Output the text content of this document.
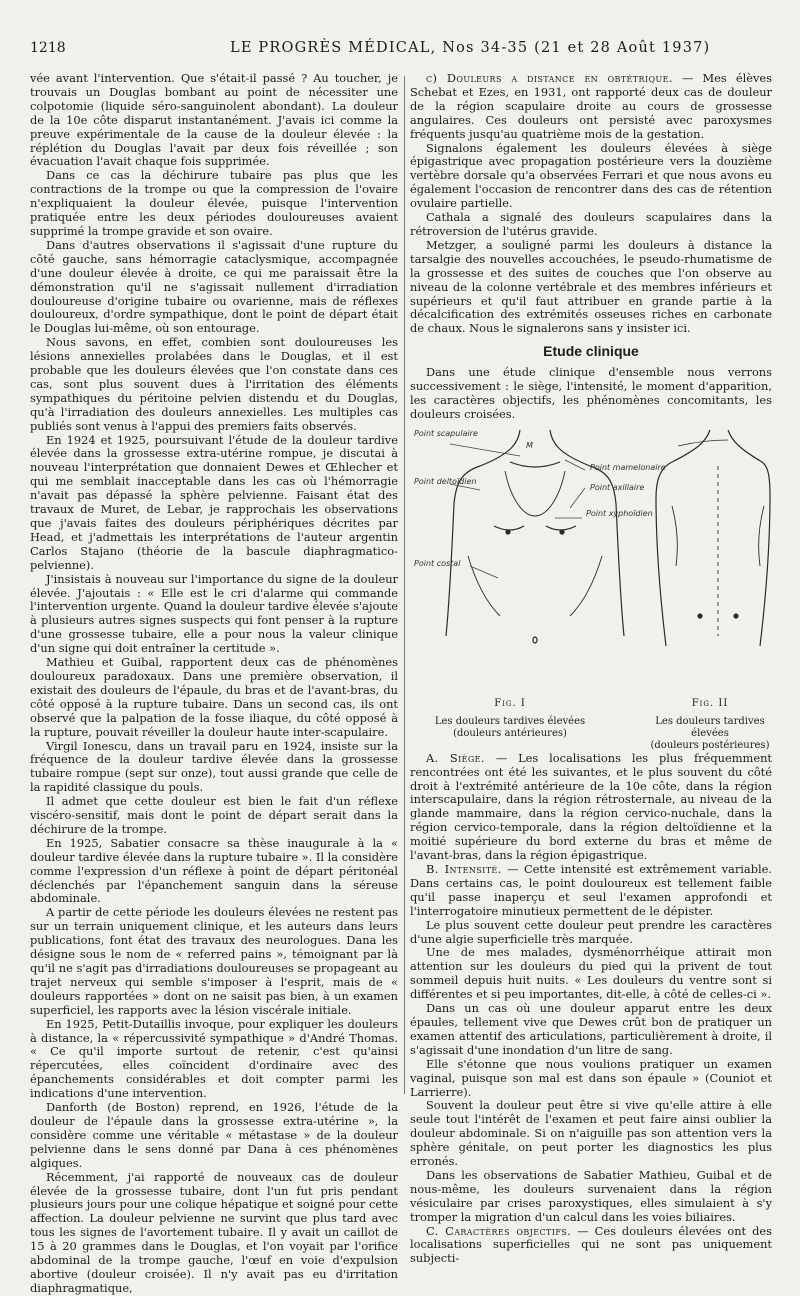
1218	LE PROGRÈS MÉDICAL, Nos 34-35 (21 et 28 Août 1937)

vée avant l'intervention. Que s'était-il passé ? Au toucher, je trouvais un Douglas bombant au point de nécessiter une colpotomie (liquide séro-sanguinolent abondant). La douleur de la 10e côte disparut instantanément. J'avais ici comme la preuve expérimentale de la cause de la douleur élevée : la réplétion du Douglas l'avait par deux fois réveillée ; son évacuation l'avait chaque fois supprimée.

Dans ce cas la déchirure tubaire pas plus que les contractions de la trompe ou que la compression de l'ovaire n'expliquaient la douleur élevée, puisque l'intervention pratiquée entre les deux périodes douloureuses avaient supprimé la trompe gravide et son ovaire.

Dans d'autres observations il s'agissait d'une rupture du côté gauche, sans hémorragie cataclysmique, accompagnée d'une douleur élevée à droite, ce qui me paraissait être la démonstration qu'il ne s'agissait nullement d'irradiation douloureuse d'origine tubaire ou ovarienne, mais de réflexes douloureux, d'ordre sympathique, dont le point de départ était le Douglas lui-même, où son entourage.

Nous savons, en effet, combien sont douloureuses les lésions annexielles prolabées dans le Douglas, et il est probable que les douleurs élevées que l'on constate dans ces cas, sont plus souvent dues à l'irritation des éléments sympathiques du péritoine pelvien distendu et du Douglas, qu'à l'irradiation des douleurs annexielles. Les multiples cas publiés sont venus à l'appui des premiers faits observés.

En 1924 et 1925, poursuivant l'étude de la douleur tardive élevée dans la grossesse extra-utérine rompue, je discutai à nouveau l'interprétation que donnaient Dewes et Œhlecher et qui me semblait inacceptable dans les cas où l'hémorragie n'avait pas dépassé la sphère pelvienne. Faisant état des travaux de Muret, de Lebar, je rapprochais les observations que j'avais faites des douleurs périphériques décrites par Head, et j'admettais les interprétations de l'auteur argentin Carlos Stajano (théorie de la bascule diaphragmatico-pelvienne).

J'insistais à nouveau sur l'importance du signe de la douleur élevée. J'ajoutais : « Elle est le cri d'alarme qui commande l'intervention urgente. Quand la douleur tardive élevée s'ajoute à plusieurs autres signes suspects qui font penser à la rupture d'une grossesse tubaire, elle a pour nous la valeur clinique d'un signe qui doit entraîner la certitude ».

Mathieu et Guibal, rapportent deux cas de phénomènes douloureux paradoxaux. Dans une première observation, il existait des douleurs de l'épaule, du bras et de l'avant-bras, du côté opposé à la rupture tubaire. Dans un second cas, ils ont observé que la palpation de la fosse iliaque, du côté opposé à la rupture, pouvait réveiller la douleur haute inter-scapulaire.

Virgil Ionescu, dans un travail paru en 1924, insiste sur la fréquence de la douleur tardive élevée dans la grossesse tubaire rompue (sept sur onze), tout aussi grande que celle de la rapidité classique du pouls.

Il admet que cette douleur est bien le fait d'un réflexe viscéro-sensitif, mais dont le point de départ serait dans la déchirure de la trompe.

En 1925, Sabatier consacre sa thèse inaugurale à la « douleur tardive élevée dans la rupture tubaire ». Il la considère comme l'expression d'un réflexe à point de départ péritonéal déclenchés par l'épanchement sanguin dans la séreuse abdominale.

A partir de cette période les douleurs élevées ne restent pas sur un terrain uniquement clinique, et les auteurs dans leurs publications, font état des travaux des neurologues. Dana les désigne sous le nom de « referred pains », témoignant par là qu'il ne s'agit pas d'irradiations douloureuses se propageant au trajet nerveux qui semble s'imposer à l'esprit, mais de « douleurs rapportées » dont on ne saisit pas bien, à un examen superficiel, les rapports avec la lésion viscérale initiale.

En 1925, Petit-Dutaillis invoque, pour expliquer les douleurs à distance, la « répercussivité sympathique » d'André Thomas. « Ce qu'il importe surtout de retenir, c'est qu'ainsi répercutées, elles coïncident d'ordinaire avec des épanchements considérables et doit compter parmi les indications d'une intervention.

Danforth (de Boston) reprend, en 1926, l'étude de la douleur de l'épaule dans la grossesse extra-utérine », la considère comme une véritable « métastase » de la douleur pelvienne dans le sens donné par Dana à ces phénomènes algiques.

Récemment, j'ai rapporté de nouveaux cas de douleur élevée de la grossesse tubaire, dont l'un fut pris pendant plusieurs jours pour une colique hépatique et soigné pour cette affection. La douleur pelvienne ne survint que plus tard avec tous les signes de l'avortement tubaire. Il y avait un caillot de 15 à 20 grammes dans le Douglas, et l'on voyait par l'orifice abdominal de la trompe gauche, l'œuf en voie d'expulsion abortive (douleur croisée). Il n'y avait pas eu d'irritation diaphragmatique,

c) Douleurs a distance en obtétrique. — Mes élèves Schebat et Ezes, en 1931, ont rapporté deux cas de douleur de la région scapulaire droite au cours de grossesse angulaires. Ces douleurs ont persisté avec paroxysmes fréquents jusqu'au quatrième mois de la gestation.

Signalons également les douleurs élevées à siège épigastrique avec propagation postérieure vers la douzième vertèbre dorsale qu'a observées Ferrari et que nous avons eu également l'occasion de rencontrer dans des cas de rétention ovulaire partielle.

Cathala a signalé des douleurs scapulaires dans la rétroversion de l'utérus gravide.

Metzger, a souligné parmi les douleurs à distance la tarsalgie des nouvelles accouchées, le pseudo-rhumatisme de la grossesse et des suites de couches que l'on observe au niveau de la colonne vertébrale et des membres inférieurs et supérieurs et qu'il faut attribuer en grande partie à la décalcification des extrémités osseuses riches en carbonate de chaux. Nous le signalerons sans y insister ici.

Etude clinique

Dans une étude clinique d'ensemble nous verrons successivement : le siège, l'intensité, le moment d'apparition, les caractères objectifs, les phénomènes concomitants, les douleurs croisées.

Point scapulaire
Point mamelonaire
Point deltoïdien
Point axillaire
Point xyphoïdien
Point costal
M
Fig. I
Les douleurs tardives élevées
(douleurs antérieures)
Fig. II
Les douleurs tardives élevées
(douleurs postérieures)

A. Siège. — Les localisations les plus fréquemment rencontrées ont été les suivantes, et le plus souvent du côté droit à l'extrémité antérieure de la 10e côte, dans la région interscapulaire, dans la région rétrosternale, au niveau de la glande mammaire, dans la région cervico-nuchale, dans la région cervico-temporale, dans la région deltoïdienne et la moitié supérieure du bord externe du bras et même de l'avant-bras, dans la région épigastrique.

B. Intensité. — Cette intensité est extrêmement variable. Dans certains cas, le point douloureux est tellement faible qu'il passe inaperçu et seul l'examen approfondi et l'interrogatoire minutieux permettent de le dépister.

Le plus souvent cette douleur peut prendre les caractères d'une algie superficielle très marquée.

Une de mes malades, dysménorrhéique attirait mon attention sur les douleurs du pied qui la privent de tout sommeil depuis huit nuits. « Les douleurs du ventre sont si différentes et si peu importantes, dit-elle, à côté de celles-ci ».

Dans un cas où une douleur apparut entre les deux épaules, tellement vive que Dewes crût bon de pratiquer un examen attentif des articulations, particulièrement à droite, il s'agissait d'une inondation d'un litre de sang.

Elle s'étonne que nous voulions pratiquer un examen vaginal, puisque son mal est dans son épaule » (Couniot et Larrierre).

Souvent la douleur peut être si vive qu'elle attire à elle seule tout l'intérêt de l'examen et peut faire ainsi oublier la douleur abdominale. Si on n'aiguille pas son attention vers la sphère génitale, on peut porter les diagnostics les plus erronés.

Dans les observations de Sabatier Mathieu, Guibal et de nous-même, les douleurs survenaient dans la région vésiculaire par crises paroxystiques, elles simulaient à s'y tromper la migration d'un calcul dans les voies biliaires.

C. Caractères objectifs. — Ces douleurs élevées ont des localisations superficielles qui ne sont pas uniquement subjecti-
